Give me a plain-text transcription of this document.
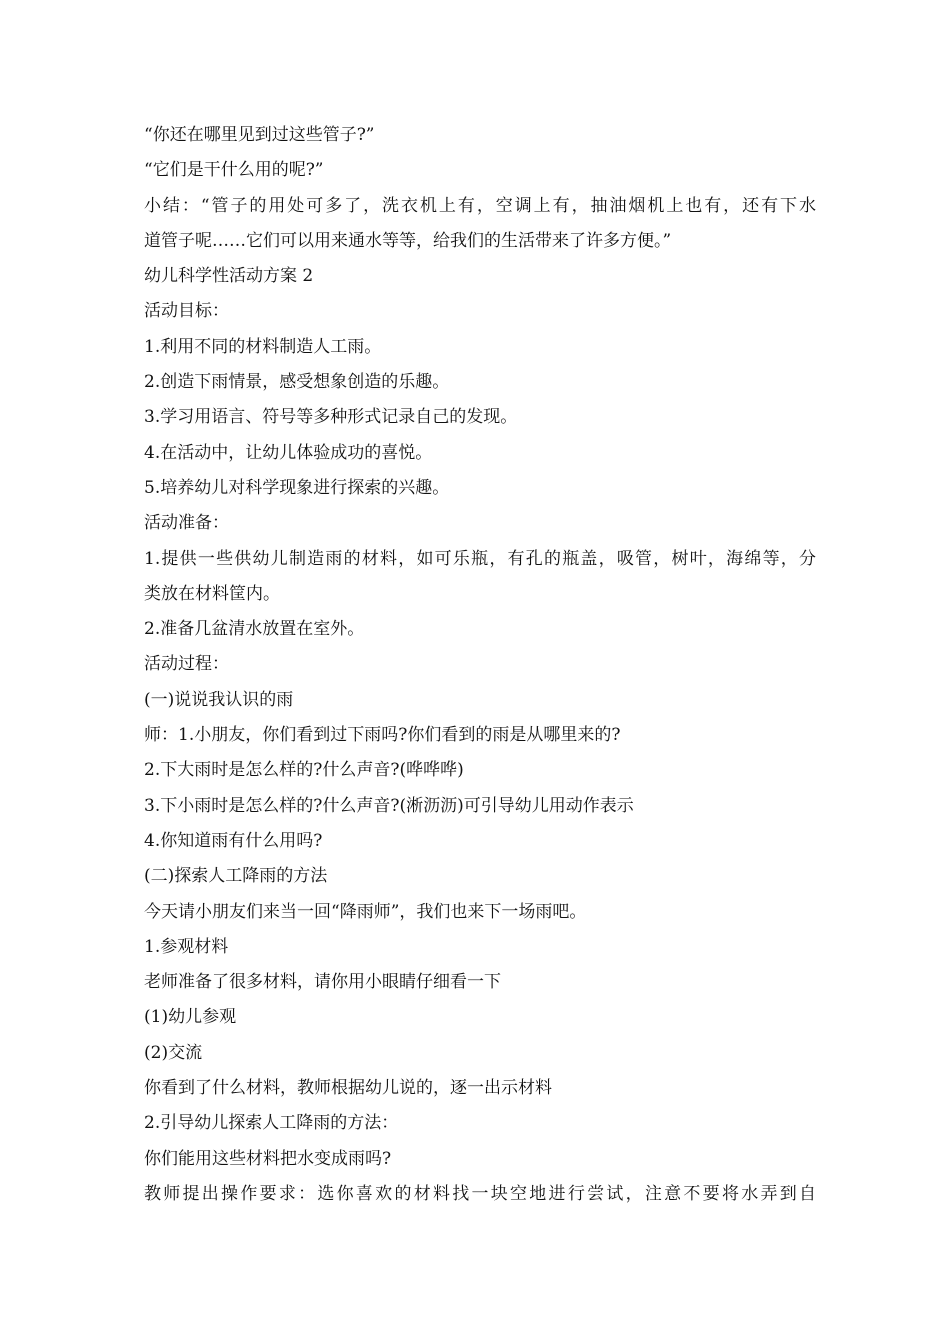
“你还在哪里见到过这些管子?”

“它们是干什么用的呢?”

小结：“管子的用处可多了，洗衣机上有，空调上有，抽油烟机上也有，还有下水

道管子呢……它们可以用来通水等等，给我们的生活带来了许多方便。”

幼儿科学性活动方案 2

活动目标：

1.利用不同的材料制造人工雨。

2.创造下雨情景，感受想象创造的乐趣。

3.学习用语言、符号等多种形式记录自己的发现。

4.在活动中，让幼儿体验成功的喜悦。

5.培养幼儿对科学现象进行探索的兴趣。

活动准备：

1.提供一些供幼儿制造雨的材料，如可乐瓶，有孔的瓶盖，吸管，树叶，海绵等，分

类放在材料筐内。

2.准备几盆清水放置在室外。

活动过程：

(一)说说我认识的雨

师：1.小朋友，你们看到过下雨吗?你们看到的雨是从哪里来的?

2.下大雨时是怎么样的?什么声音?(哗哗哗)

3.下小雨时是怎么样的?什么声音?(淅沥沥)可引导幼儿用动作表示

4.你知道雨有什么用吗?

(二)探索人工降雨的方法

今天请小朋友们来当一回“降雨师”，我们也来下一场雨吧。

1.参观材料

老师准备了很多材料，请你用小眼睛仔细看一下

(1)幼儿参观

(2)交流

你看到了什么材料，教师根据幼儿说的，逐一出示材料

2.引导幼儿探索人工降雨的方法：

你们能用这些材料把水变成雨吗?

教师提出操作要求：选你喜欢的材料找一块空地进行尝试，注意不要将水弄到自
